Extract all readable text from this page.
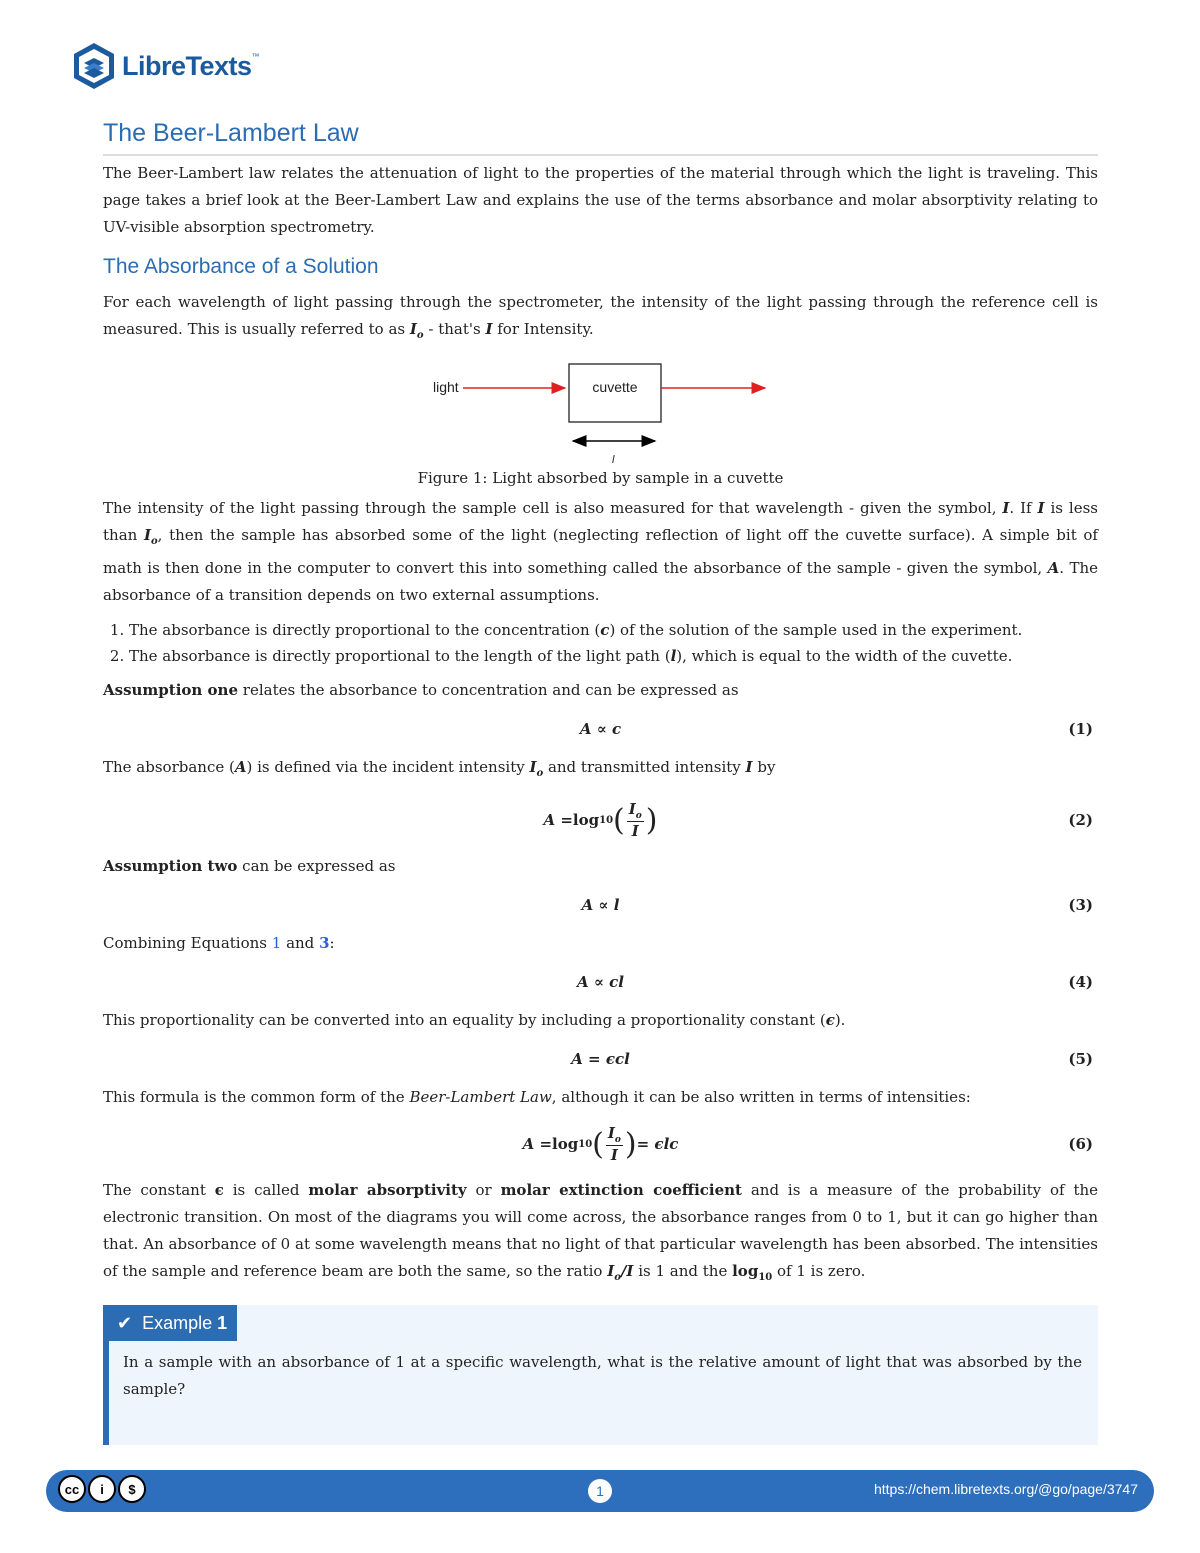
LibreTexts ™
The Beer-Lambert Law

The Beer-Lambert law relates the attenuation of light to the properties of the material through which the light is traveling. This page takes a brief look at the Beer-Lambert Law and explains the use of the terms absorbance and molar absorptivity relating to UV-visible absorption spectrometry.

The Absorbance of a Solution

For each wavelength of light passing through the spectrometer, the intensity of the light passing through the reference cell is measured. This is usually referred to as $I_o$ - that's I for Intensity.

light	cuvette
l
Figure 1: Light absorbed by sample in a cuvette

The intensity of the light passing through the sample cell is also measured for that wavelength - given the symbol, I. If I is less than $I_o$, then the sample has absorbed some of the light (neglecting reflection of light off the cuvette surface). A simple bit of math is then done in the computer to convert this into something called the absorbance of the sample - given the symbol, A. The absorbance of a transition depends on two external assumptions.

1. The absorbance is directly proportional to the concentration (c) of the solution of the sample used in the experiment.
2. The absorbance is directly proportional to the length of the light path (l), which is equal to the width of the cuvette.

Assumption one relates the absorbance to concentration and can be expressed as

A ∝ c	(1)

The absorbance (A) is defined via the incident intensity $I_o$ and transmitted intensity I by

A = log 10 ( $\frac{I_o}{I}$ )	(2)

Assumption two can be expressed as

A ∝ l	(3)

Combining Equations 1 and 3:

A ∝ cl	(4)

This proportionality can be converted into an equality by including a proportionality constant (ϵ).

A = ϵcl	(5)

This formula is the common form of the Beer-Lambert Law, although it can be also written in terms of intensities:

A = log 10 ( $\frac{I_o}{I}$ ) = ϵlc	(6)

The constant ϵ is called molar absorptivity or molar extinction coefficient and is a measure of the probability of the electronic transition. On most of the diagrams you will come across, the absorbance ranges from 0 to 1, but it can go higher than that. An absorbance of 0 at some wavelength means that no light of that particular wavelength has been absorbed. The intensities of the sample and reference beam are both the same, so the ratio $I_o/I$ is 1 and the $\log_{10}$ of 1 is zero.

✔ Example
1
In a sample with an absorbance of 1 at a specific wavelength, what is the relative amount of light that was absorbed by the sample?
cc	i	$	1	https://chem.libretexts.org/@go/page/3747
